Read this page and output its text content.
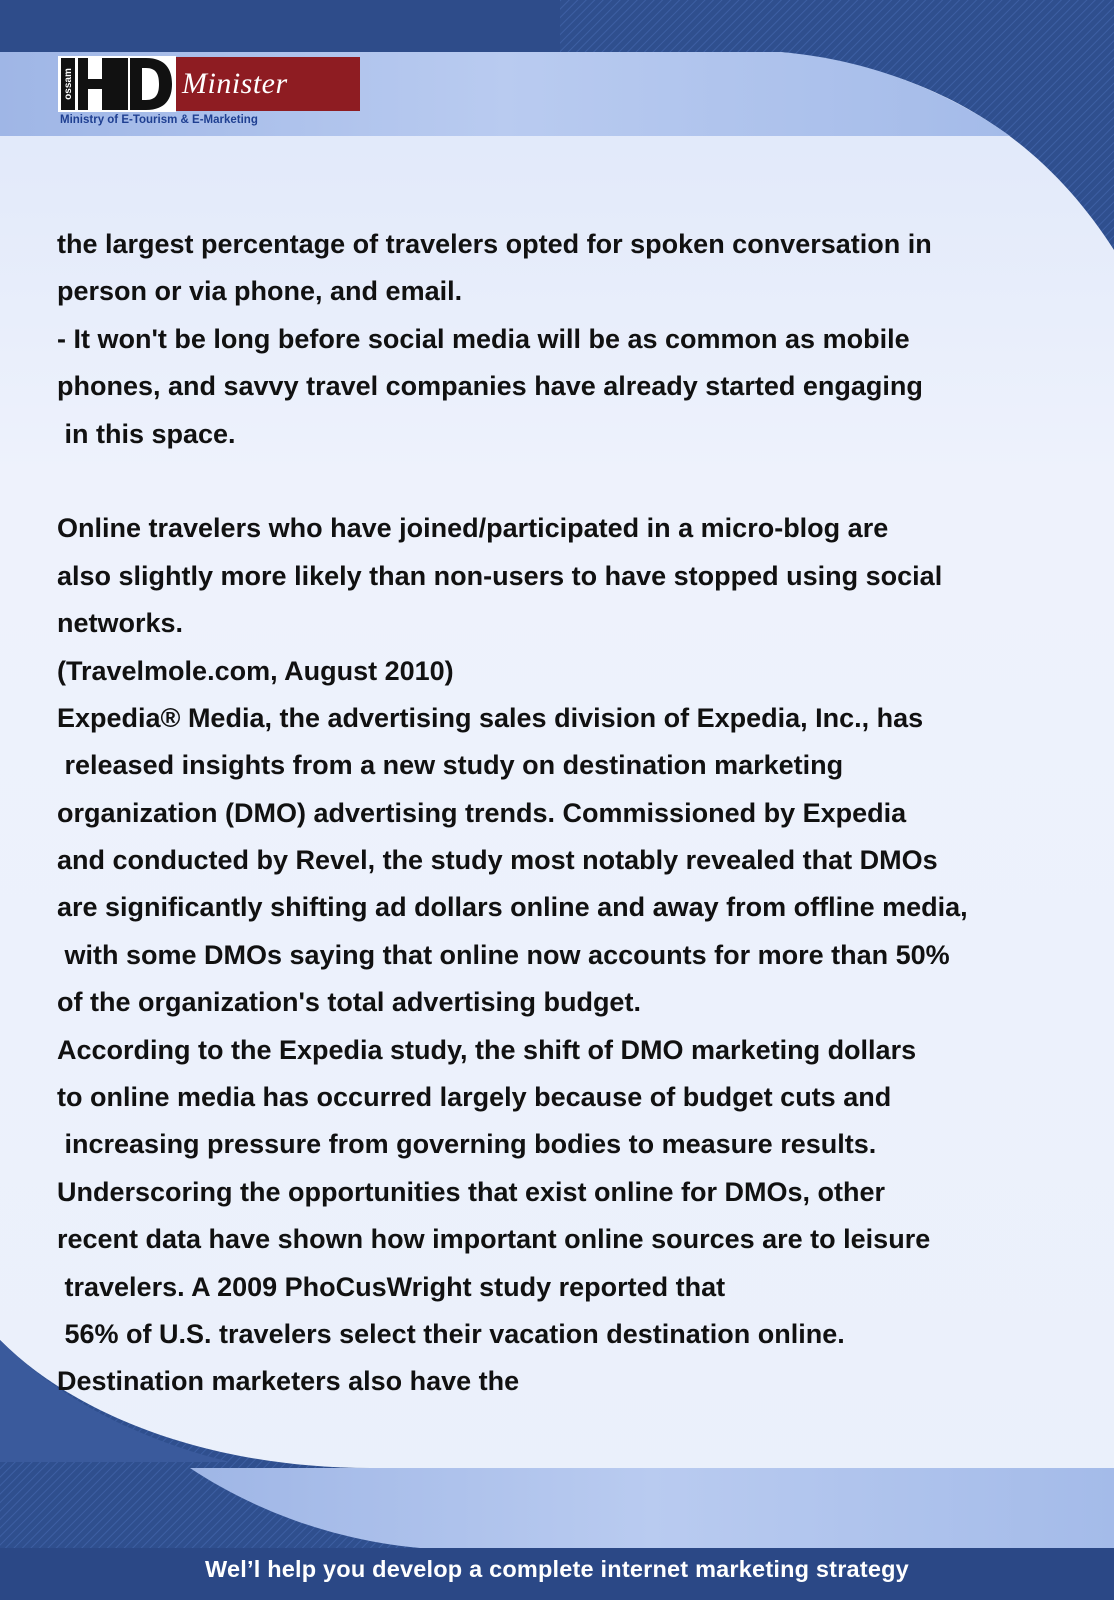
ossam	Minister
Ministry of E-Tourism & E-Marketing
the largest percentage of travelers opted for spoken conversation in
person or via phone, and email.
- It won't be long before social media will be as common as mobile
phones, and savvy travel companies have already started engaging
in this space.
Online travelers who have joined/participated in a micro-blog are
also slightly more likely than non-users to have stopped using social
networks.
(Travelmole.com, August 2010)
Expedia® Media, the advertising sales division of Expedia, Inc., has
released insights from a new study on destination marketing
organization (DMO) advertising trends. Commissioned by Expedia
and conducted by Revel, the study most notably revealed that DMOs
are significantly shifting ad dollars online and away from offline media,
with some DMOs saying that online now accounts for more than 50%
of the organization's total advertising budget.
According to the Expedia study, the shift of DMO marketing dollars
to online media has occurred largely because of budget cuts and
increasing pressure from governing bodies to measure results.
Underscoring the opportunities that exist online for DMOs, other
recent data have shown how important online sources are to leisure
travelers. A 2009 PhoCusWright study reported that
56% of U.S. travelers select their vacation destination online.
Destination marketers also have the
Wel’l help you develop a complete internet marketing strategy
